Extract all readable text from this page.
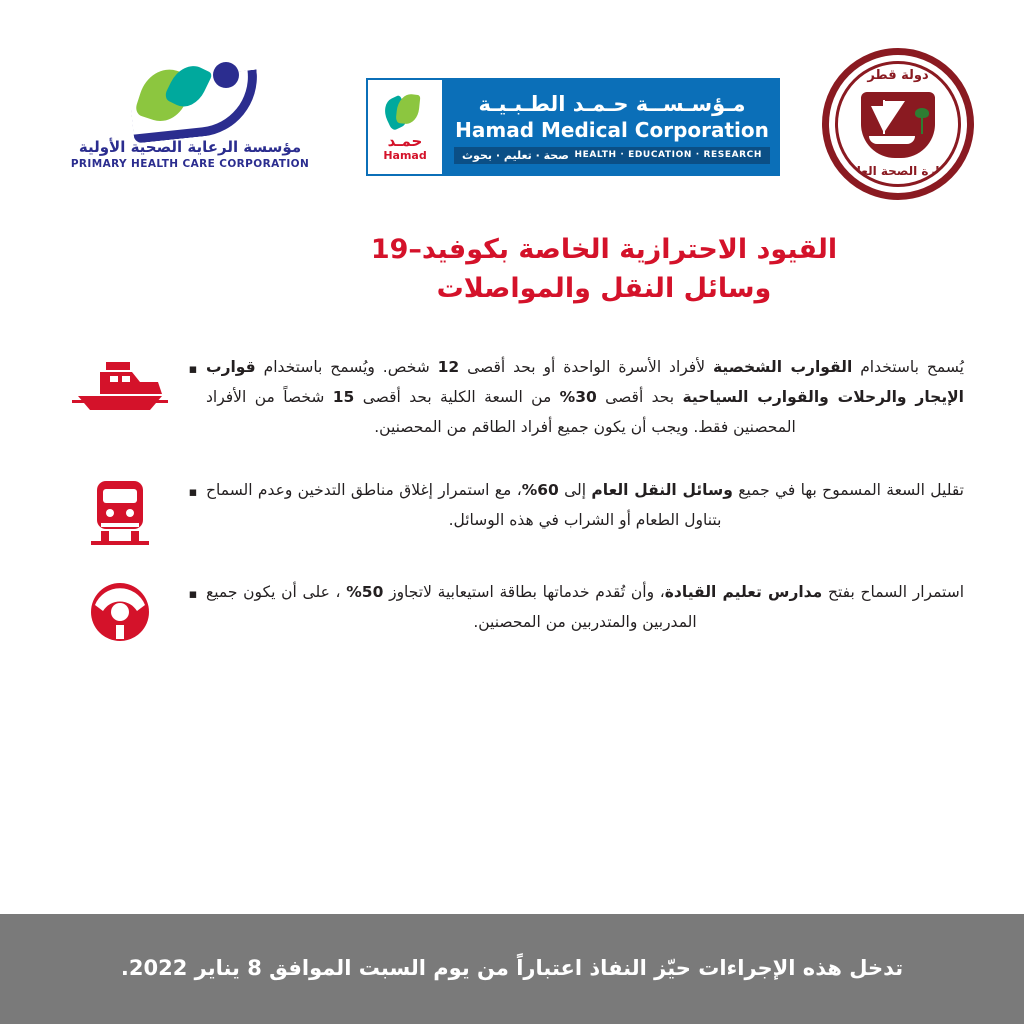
مؤسسة الرعاية الصحية الأولية
PRIMARY HEALTH CARE CORPORATION
حمـد
Hamad
مـؤسـســة حـمـد الطـبـيـة
Hamad Medical Corporation
صحة · تعليم · بحوث HEALTH · EDUCATION · RESEARCH
دولة قطر
وزارة الصحة العامة
القيود الاحترازية الخاصة بكوفيد–19
وسائل النقل والمواصلات
يُسمح باستخدام القوارب الشخصية لأفراد الأسرة الواحدة أو بحد أقصى 12 شخص. ويُسمح باستخدام قوارب الإيجار والرحلات والقوارب السياحية بحد أقصى 30% من السعة الكلية بحد أقصى 15 شخصاً من الأفراد المحصنين فقط. ويجب أن يكون جميع أفراد الطاقم من المحصنين.
▪
تقليل السعة المسموح بها في جميع وسائل النقل العام إلى 60%، مع استمرار إغلاق مناطق التدخين وعدم السماح بتناول الطعام أو الشراب في هذه الوسائل.
▪
استمرار السماح بفتح مدارس تعليم القيادة، وأن تُقدم خدماتها بطاقة استيعابية لاتجاوز 50% ، على أن يكون جميع المدربين والمتدربين من المحصنين.
▪
تدخل هذه الإجراءات حيّز النفاذ اعتباراً من يوم السبت الموافق 8 يناير 2022.
